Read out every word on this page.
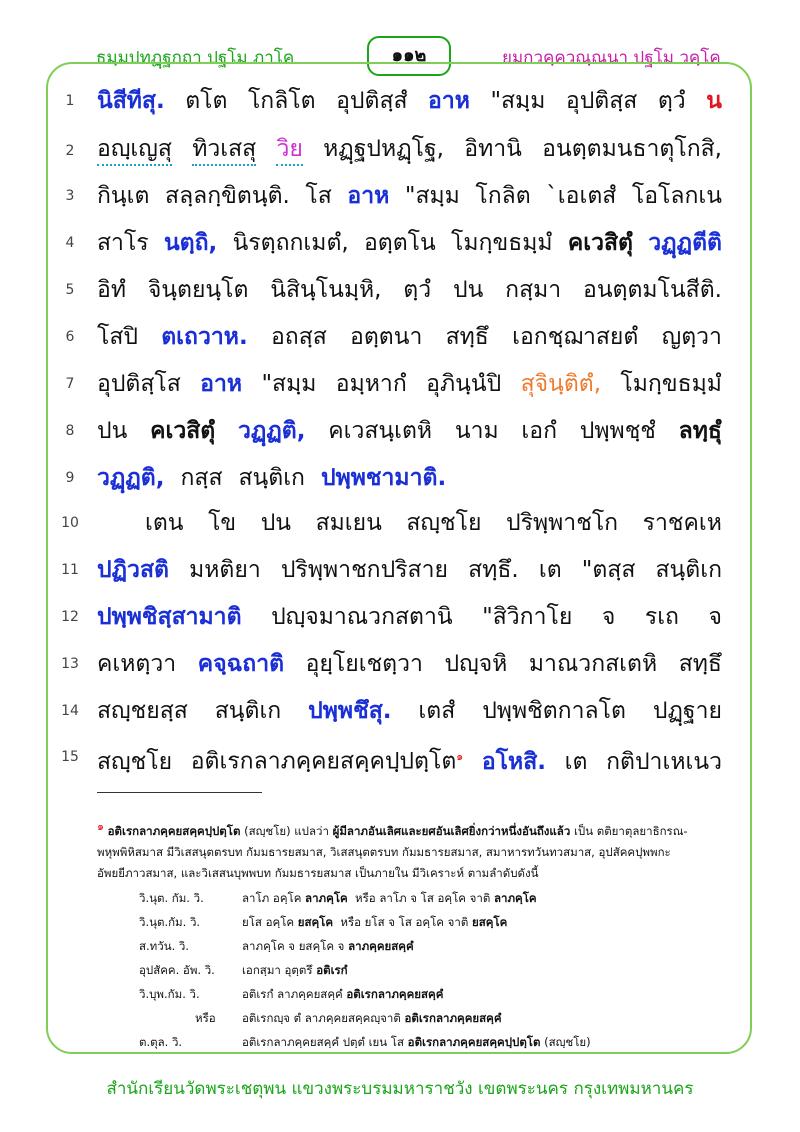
ธมฺมปทฏฺฐกถา ปฐโม ภาโค	๑๑๒	ยมกวคฺควณฺณนา ปฐโม วคฺโค
1
2
3
4
5
6
7
8
9
10
11
12
13
14
15
นิสีทีสุ. ตโต โกลิโต อุปติสฺสํ อาห "สมฺม อุปติสฺส ตฺวํ น
อญฺเญสุ ทิวเสสุ วิย หฏฺฐปหฏฺโฐ, อิทานิ อนตฺตมนธาตุโกสิ,
กินฺเต สลฺลกฺขิตนฺติ. โส อาห "สมฺม โกลิต `เอเตสํ โอโลกเน
สาโร นตฺถิ, นิรตฺถกเมตํ, อตฺตโน โมกฺขธมฺมํ คเวสิตุํ วฏฺฏตีติ
อิทํ จินฺตยนฺโต นิสินฺโนมฺหิ, ตฺวํ ปน กสฺมา อนตฺตมโนสีติ.
โสปิ ตเถวาห. อถสฺส อตฺตนา สทฺธึ เอกชฺฌาสยตํ ญตฺวา
อุปติสฺโส อาห "สมฺม อมฺหากํ อุภินฺนํปิ สุจินฺติตํ, โมกฺขธมฺมํ
ปน คเวสิตุํ วฏฺฏติ, คเวสนฺเตหิ นาม เอกํ ปพฺพชฺชํ ลทฺธุํ
วฏฺฏติ, กสฺส สนฺติเก ปพฺพชามาติ.
เตน โข ปน สมเยน สญฺชโย ปริพฺพาชโก ราชคเห
ปฏิวสติ มหติยา ปริพฺพาชกปริสาย สทฺธึ. เต "ตสฺส สนฺติเก
ปพฺพชิสฺสามาติ ปญฺจมาณวกสตานิ "สิวิกาโย จ รเถ จ
คเหตฺวา คจฺฉถาติ อุยฺโยเชตฺวา ปญฺจหิ มาณวกสเตหิ สทฺธึ
สญฺชยสฺส สนฺติเก ปพฺพชึสุ. เตสํ ปพฺพชิตกาลโต ปฏฺฐาย
สญฺชโย อติเรกลาภคฺคยสคฺคปฺปตฺโต$^๑$ อโหสิ. เต กติปาเหเนว

$^๑$ อติเรกลาภคฺคยสคฺคปฺปตฺโต (สญฺชโย) แปลว่า ผู้มีลาภอันเลิศและยศอันเลิศยิ่งกว่าหนึ่งอันถึงแล้ว เป็น ตติยาตุลยาธิกรณ-

พหุพพิหิสมาส มีวิเสสนุตตรบท กัมมธารยสมาส, วิเสสนุตตรบท กัมมธารยสมาส, สมาหารทวันทวสมาส, อุปสัคคปุพพกะ

อัพยยีภาวสมาส, และวิเสสนบุพพบท กัมมธารยสมาส เป็นภายใน มีวิเคราะห์ ตามลำดับดังนี้

วิ.นุต. กัม. วิ.	ลาโภ อคฺโค ลาภคฺโค หรือ ลาโภ จ โส อคฺโค จาติ ลาภคฺโค
วิ.นุต.กัม. วิ.	ยโส อคฺโค ยสคฺโค หรือ ยโส จ โส อคฺโค จาติ ยสคฺโค
ส.ทวัน. วิ.	ลาภคฺโค จ ยสคฺโค จ ลาภคฺคยสคฺคํ
อุปสัคค. อัพ. วิ. เอกสฺมา อุตฺตรึ อติเรกํ
วิ.บุพ.กัม. วิ.	อติเรกํ ลาภคฺคยสคฺคํ อติเรกลาภคฺคยสคฺคํ
หรือ อติเรกญฺจ ตํ ลาภคฺคยสคฺคญฺจาติ อติเรกลาภคฺคยสคฺคํ
ต.ตุล. วิ.	อติเรกลาภคฺคยสคฺคํ ปตฺตํ เยน โส อติเรกลาภคฺคยสคฺคปฺปตฺโต (สญฺชโย)
สำนักเรียนวัดพระเชตุพน แขวงพระบรมมหาราชวัง เขตพระนคร กรุงเทพมหานคร
